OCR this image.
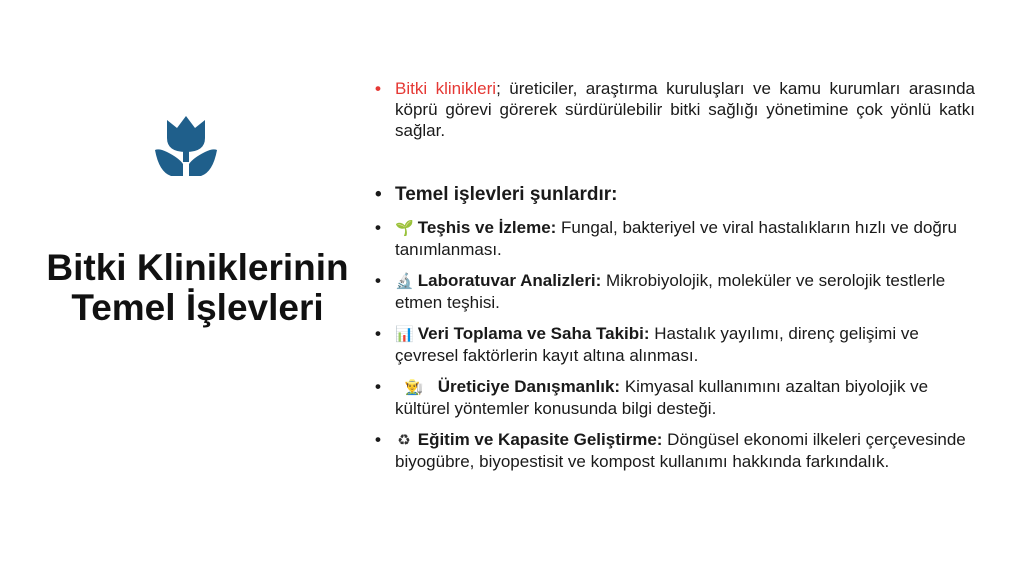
Bitki Kliniklerinin
Temel İşlevleri
• Bitki klinikleri; üreticiler, araştırma kuruluşları ve kamu kurumları arasında köprü görevi görerek sürdürülebilir bitki sağlığı yönetimine çok yönlü katkı sağlar.
• Temel işlevleri şunlardır:
• 🌱 Teşhis ve İzleme: Fungal, bakteriyel ve viral hastalıkların hızlı ve doğru tanımlanması.
• 🔬 Laboratuvar Analizleri: Mikrobiyolojik, moleküler ve serolojik testlerle etmen teşhisi.
• 📊 Veri Toplama ve Saha Takibi: Hastalık yayılımı, direnç gelişimi ve çevresel faktörlerin kayıt altına alınması.
• 👨‍🌾 Üreticiye Danışmanlık: Kimyasal kullanımını azaltan biyolojik ve kültürel yöntemler konusunda bilgi desteği.
• ♻ Eğitim ve Kapasite Geliştirme: Döngüsel ekonomi ilkeleri çerçevesinde biyogübre, biyopestisit ve kompost kullanımı hakkında farkındalık.
